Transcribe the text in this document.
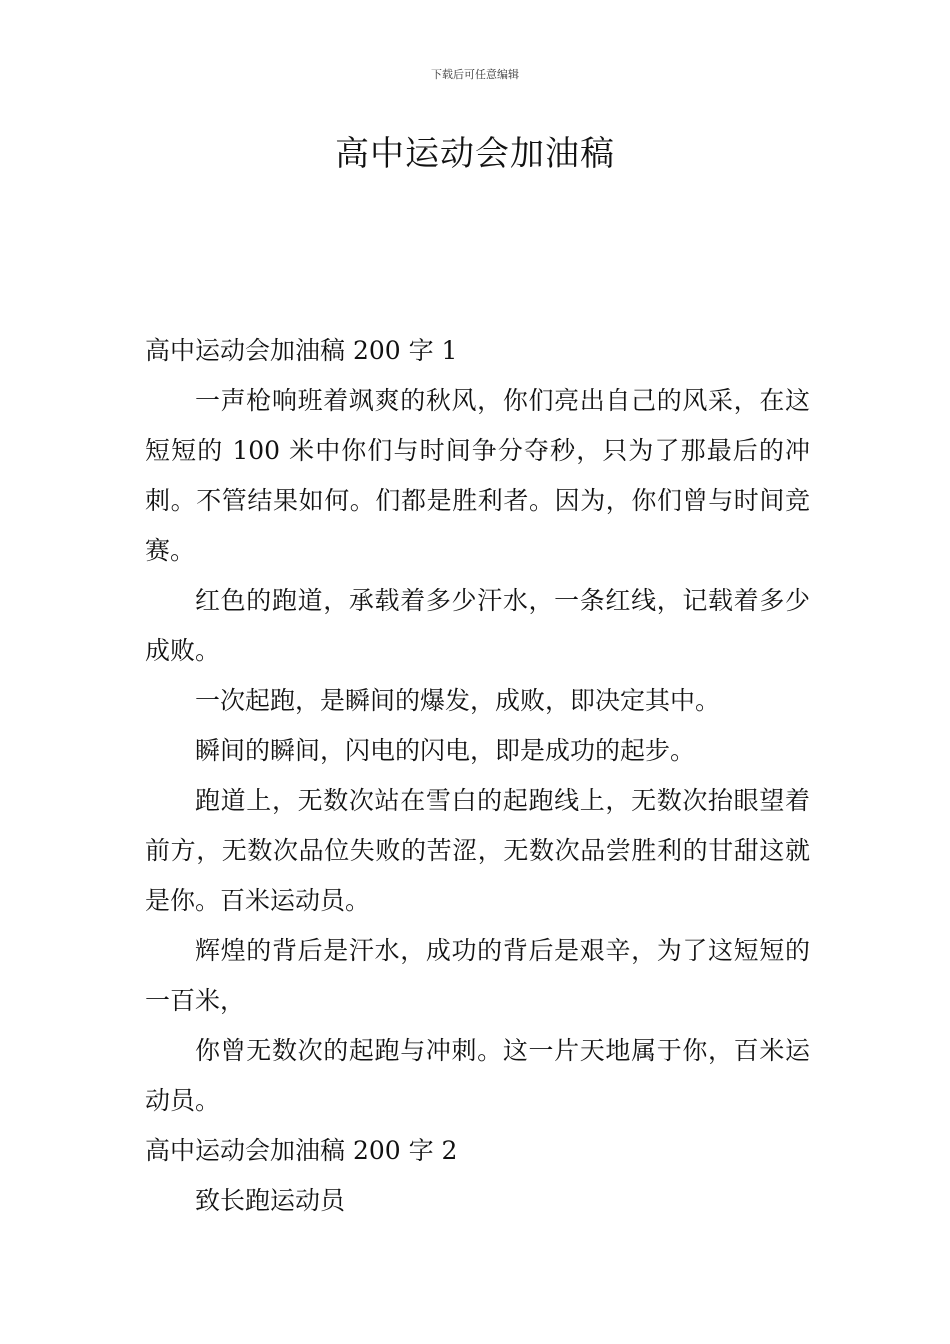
下载后可任意编辑
高中运动会加油稿
高中运动会加油稿 200 字 1

一声枪响班着飒爽的秋风，你们亮出自己的风采，在这短短的 100 米中你们与时间争分夺秒，只为了那最后的冲刺。不管结果如何。们都是胜利者。因为，你们曾与时间竞赛。

红色的跑道，承载着多少汗水，一条红线，记载着多少成败。

一次起跑，是瞬间的爆发，成败，即决定其中。

瞬间的瞬间，闪电的闪电，即是成功的起步。

跑道上，无数次站在雪白的起跑线上，无数次抬眼望着前方，无数次品位失败的苦涩，无数次品尝胜利的甘甜这就是你。百米运动员。

辉煌的背后是汗水，成功的背后是艰辛，为了这短短的一百米，

你曾无数次的起跑与冲刺。这一片天地属于你，百米运动员。

高中运动会加油稿 200 字 2

致长跑运动员
